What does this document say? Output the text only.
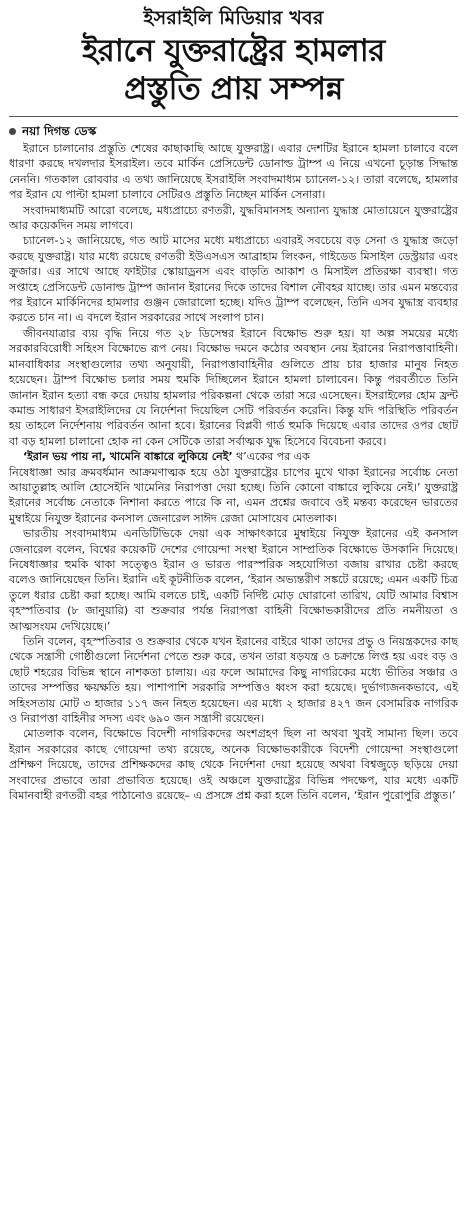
ইসরাইলি মিডিয়ার খবর
ইরানে যুক্তরাষ্ট্রের হামলার
প্রস্তুতি প্রায় সম্পন্ন
নয়া দিগন্ত ডেস্ক

ইরানে চালানোর প্রস্তুতি শেষের কাছাকাছি আছে যুক্তরাষ্ট্র। এবার দেশটির ইরানে হামলা চালাবে বলে ধারণা করছে দখলদার ইসরাইল। তবে মার্কিন প্রেসিডেন্ট ডোনাল্ড ট্রাম্প এ নিয়ে এখনো চূড়ান্ত সিদ্ধান্ত নেননি। গতকাল রোববার এ তথ্য জানিয়েছে ইসরাইলি সংবাদমাধ্যম চ্যানেল-১২। তারা বলেছে, হামলার পর ইরান যে পাল্টা হামলা চালাবে সেটিরও প্রস্তুতি নিচ্ছেন মার্কিন সেনারা।

সংবাদমাধ্যমটি আরো বলেছে, মধ্যপ্রাচ্যে রণতরী, যুদ্ধবিমানসহ অন্যান্য যুদ্ধাস্ত্র মোতায়েনে যুক্তরাষ্ট্রের আর কয়েকদিন সময় লাগবে।

চ্যানেল-১২ জানিয়েছে, গত আট মাসের মধ্যে মধ্যপ্রাচ্যে এবারই সবচেয়ে বড় সেনা ও যুদ্ধাস্ত্র জড়ো করছে যুক্তরাষ্ট্র। যার মধ্যে রয়েছে রণতরী ইউএসএস আব্রাহাম লিংকন, গাইডেড মিসাইল ডেস্ট্রয়ার এবং ক্রুজার। এর সাথে আছে ফাইটার স্কোয়াড্রনস এবং বাড়তি আকাশ ও মিসাইল প্রতিরক্ষা ব্যবস্থা। গত সপ্তাহে প্রেসিডেন্ট ডোনাল্ড ট্রাম্প জানান ইরানের দিকে তাদের বিশাল নৌবহর যাচ্ছে। তার এমন মন্তব্যের পর ইরানে মার্কিনিদের হামলার গুঞ্জন জোরালো হচ্ছে। যদিও ট্রাম্প বলেছেন, তিনি এসব যুদ্ধাস্ত্র ব্যবহার করতে চান না। এ বদলে ইরান সরকারের সাথে সংলাপ চান।

জীবনযাত্রার ব্যয় বৃদ্ধি নিয়ে গত ২৮ ডিসেম্বর ইরানে বিক্ষোভ শুরু হয়। যা অল্প সময়ের মধ্যে সরকারবিরোধী সহিংস বিক্ষোভে রূপ নেয়। বিক্ষোভ দমনে কঠোর অবস্থান নেয় ইরানের নিরাপত্তাবাহিনী। মানবাধিকার সংস্থাগুলোর তথ্য অনুযায়ী, নিরাপত্তাবাহিনীর গুলিতে প্রায় চার হাজার মানুষ নিহত হয়েছেন। ট্রাম্প বিক্ষোভ চলার সময় হুমকি দিচ্ছিলেন ইরানে হামলা চালাবেন। কিন্তু পরবর্তীতে তিনি জানান ইরান হত্যা বন্ধ করে দেয়ায় হামলার পরিকল্পনা থেকে তারা সরে এসেছেন। ইসরাইলের হোম ফ্রন্ট কমান্ড সাধারণ ইসরাইলিদের যে নির্দেশনা দিয়েছিল সেটি পরিবর্তন করেনি। কিন্তু যদি পরিস্থিতি পরিবর্তন হয় তাহলে নির্দেশনায় পরিবর্তন আনা হবে। ইরানের বিপ্লবী গার্ড হুমকি দিয়েছে এবার তাদের ওপর ছোট বা বড় হামলা চালানো হোক না কেন সেটিকে তারা সর্বাত্মক যুদ্ধ হিসেবে বিবেচনা করবে।

‘ইরান ভয় পায় না, খামেনি বাঙ্কারে লুকিয়ে নেই’ থ’একের পর এক

নিষেধাজ্ঞা আর ক্রমবর্ধমান আক্রমণাত্মক হয়ে ওঠা যুক্তরাষ্ট্রের চাপের মুখে থাকা ইরানের সর্বোচ্চ নেতা আয়াতুল্লাহ আলি হোসেইনি খামেনির নিরাপত্তা দেয়া হচ্ছে। তিনি কোনো বাঙ্কারে লুকিয়ে নেই।’ যুক্তরাষ্ট্র ইরানের সর্বোচ্চ নেতাকে নিশানা করতে পারে কি না, এমন প্রশ্নের জবাবে ওই মন্তব্য করেছেন ভারতের মুম্বাইয়ে নিযুক্ত ইরানের কনসাল জেনারেল সাঈদ রেজা মোসায়েব মোতলাক।

ভারতীয় সংবাদমাধ্যম এনডিটিভিকে দেয়া এক সাক্ষাৎকারে মুম্বাইয়ে নিযুক্ত ইরানের এই কনসাল জেনারেল বলেন, বিশ্বের কয়েকটি দেশের গোয়েন্দা সংস্থা ইরানে সাম্প্রতিক বিক্ষোভে উসকানি দিয়েছে। নিষেধাজ্ঞার হুমকি থাকা সত্ত্বেও ইরান ও ভারত পারস্পরিক সহযোগিতা বজায় রাখার চেষ্টা করছে বলেও জানিয়েছেন তিনি। ইরানি এই কূটনীতিক বলেন, ‘ইরান অভ্যন্তরীণ সঙ্কটে রয়েছে; এমন একটি চিত্র তুলে ধরার চেষ্টা করা হচ্ছে। আমি বলতে চাই, একটি নির্দিষ্ট মোড় ঘোরানো তারিখ, যেটি আমার বিশ্বাস বৃহস্পতিবার (৮ জানুয়ারি) বা শুক্রবার পর্যন্ত নিরাপত্তা বাহিনী বিক্ষোভকারীদের প্রতি নমনীয়তা ও আত্মসংযম দেখিয়েছে।’

তিনি বলেন, বৃহস্পতিবার ও শুক্রবার থেকে যখন ইরানের বাইরে থাকা তাদের প্রভু ও নিয়ন্ত্রকদের কাছ থেকে সন্ত্রাসী গোষ্ঠীগুলো নির্দেশনা পেতে শুরু করে, তখন তারা ষড়যন্ত্র ও চক্রান্তে লিপ্ত হয় এবং বড় ও ছোট শহরের বিভিন্ন স্থানে নাশকতা চালায়। এর ফলে আমাদের কিছু নাগরিকের মধ্যে ভীতির সঞ্চার ও তাদের সম্পত্তির ক্ষয়ক্ষতি হয়। পাশাপাশি সরকারি সম্পত্তিও ধ্বংস করা হয়েছে। দুর্ভাগ্যজনকভাবে, এই সহিংসতায় মোট ৩ হাজার ১১৭ জন নিহত হয়েছেন। এর মধ্যে ২ হাজার ৪২৭ জন বেসামরিক নাগরিক ও নিরাপত্তা বাহিনীর সদস্য এবং ৬৯০ জন সন্ত্রাসী রয়েছেন।

মোতলাক বলেন, বিক্ষোভে বিদেশী নাগরিকদের অংশগ্রহণ ছিল না অথবা খুবই সামান্য ছিল। তবে ইরান সরকারের কাছে গোয়েন্দা তথ্য রয়েছে, অনেক বিক্ষোভকারীকে বিদেশী গোয়েন্দা সংস্থাগুলো প্রশিক্ষণ দিয়েছে, তাদের প্রশিক্ষকদের কাছ থেকে নির্দেশনা দেয়া হয়েছে অথবা বিশ্বজুড়ে ছড়িয়ে দেয়া সংবাদের প্রভাবে তারা প্রভাবিত হয়েছে। ওই অঞ্চলে যুক্তরাষ্ট্রের বিভিন্ন পদক্ষেপ, যার মধ্যে একটি বিমানবাহী রণতরী বহর পাঠানোও রয়েছে– এ প্রসঙ্গে প্রশ্ন করা হলে তিনি বলেন, ‘ইরান পুরোপুরি প্রস্তুত।’
